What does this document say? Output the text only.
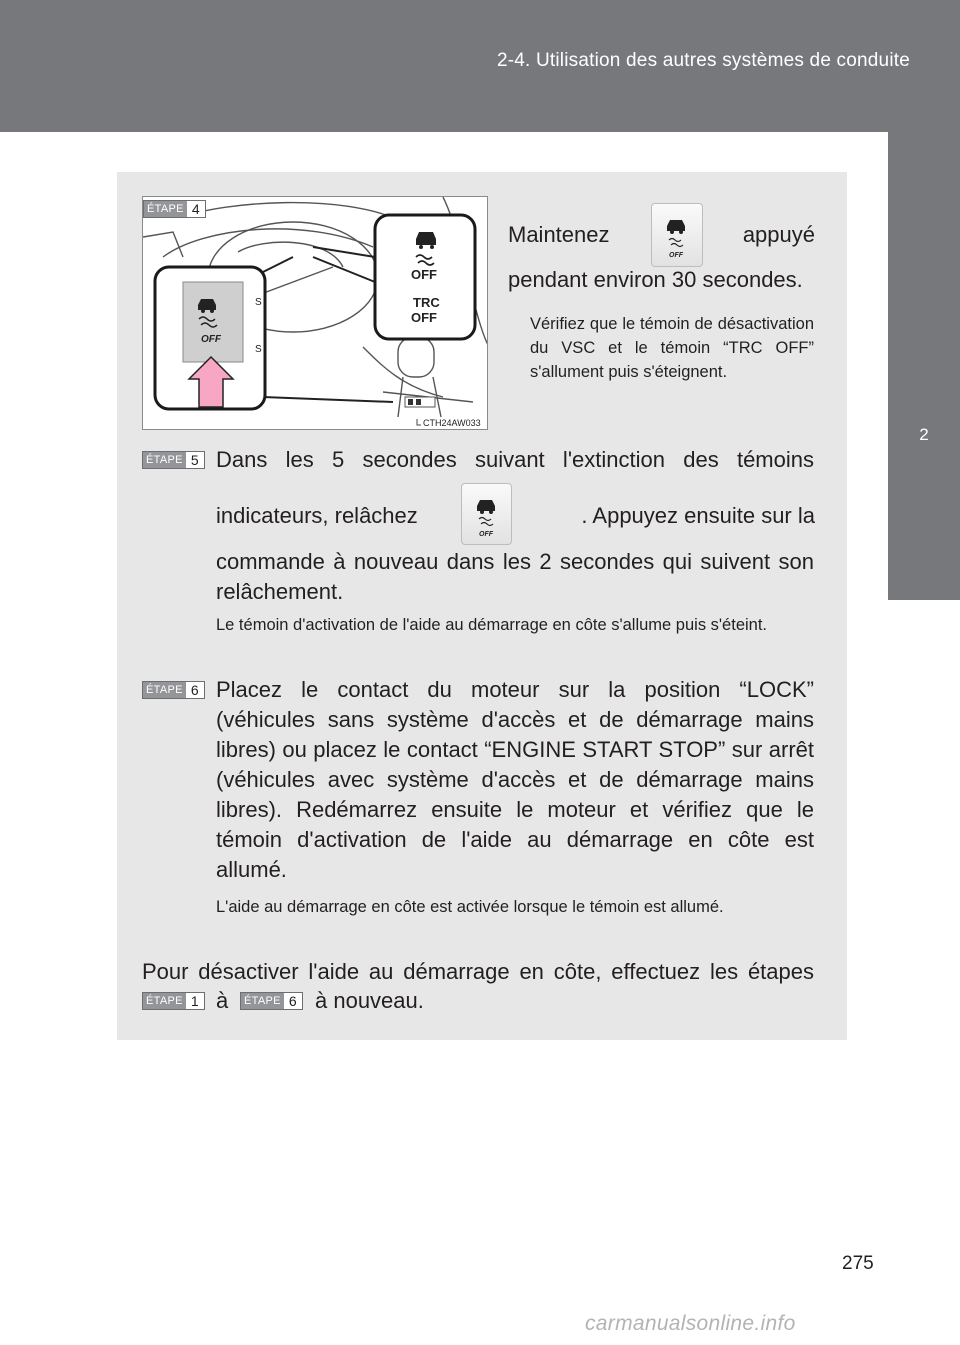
2-4. Utilisation des autres systèmes de conduite
2
Au volant
OFF
S
S
OFF
TRC
OFF
CTH24AW033
ÉTAPE 4
Maintenez
OFF
appuyé
pendant environ 30 secondes.
Vérifiez que le témoin de désactivation du VSC et le témoin “TRC OFF” s'allument puis s'éteignent.
ÉTAPE 5 Dans les 5 secondes suivant l'extinction des témoins
indicateurs, relâchez
OFF
. Appuyez ensuite sur la
commande à nouveau dans les 2 secondes qui suivent son relâchement.
Le témoin d'activation de l'aide au démarrage en côte s'allume puis s'éteint.
ÉTAPE 6 Placez le contact du moteur sur la position “LOCK” (véhicules sans système d'accès et de démarrage mains libres) ou placez le contact “ENGINE START STOP” sur arrêt (véhicules avec système d'accès et de démarrage mains libres). Redémarrez ensuite le moteur et vérifiez que le témoin d'activation de l'aide au démarrage en côte est allumé.
L'aide au démarrage en côte est activée lorsque le témoin est allumé.
Pour désactiver l'aide au démarrage en côte, effectuez les étapes
ÉTAPE 1 à ÉTAPE 6 à nouveau.
275
carmanualsonline.info
